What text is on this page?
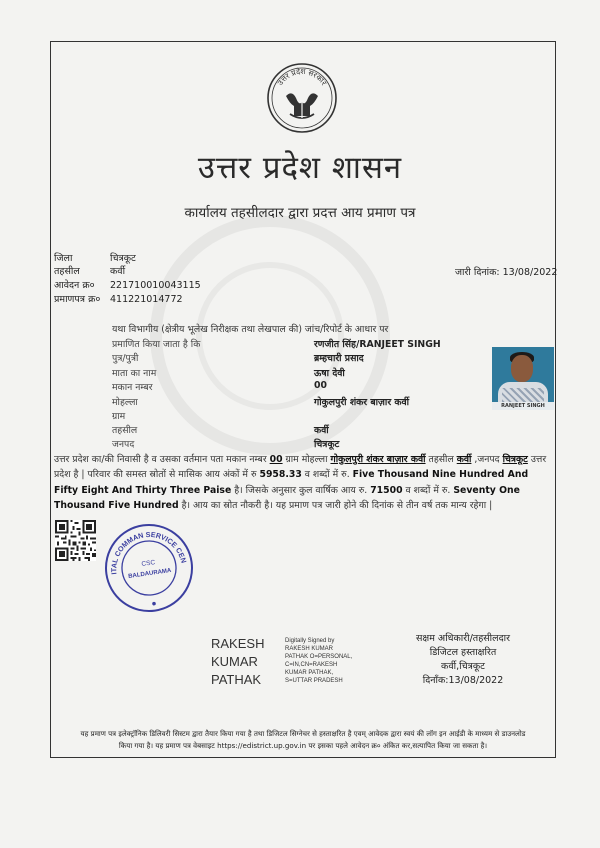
उत्तर प्रदेश सरकार
उत्तर प्रदेश शासन
कार्यालय तहसीलदार द्वारा प्रदत्त आय प्रमाण पत्र
जिला	चित्रकूट
तहसील	कर्वी
आवेदन क्र० 221710010043115
प्रमाणपत्र क्र० 411221014772
जारी दिनांक: 13/08/2022
यथा विभागीय (क्षेत्रीय भूलेख निरीक्षक तथा लेखपाल की) जांच/रिपोर्ट के आधार पर
प्रमाणित किया जाता है कि	रणजीत सिंह/RANJEET SINGH
पुत्र/पुत्री	ब्रम्हचारी प्रसाद
माता का नाम	ऊषा देवी
मकान नम्बर	00
मोहल्ला	गोकुलपुरी शंकर बाज़ार कर्वी
ग्राम
तहसील	कर्वी
जनपद	चित्रकूट
RANJEET SINGH
उत्तर प्रदेश का/की निवासी है व उसका वर्तमान पता मकान नम्बर 00 ग्राम मोहल्ला गोकुलपुरी शंकर बाज़ार कर्वी तहसील कर्वी ,जनपद चित्रकूट उत्तर प्रदेश है | परिवार की समस्त स्रोतों से मासिक आय अंकों में रु 5958.33 व शब्दों में रु. Five Thousand Nine Hundred And Fifty Eight And Thirty Three Paise है। जिसके अनुसार कुल वार्षिक आय रु. 71500 व शब्दों में रु. Seventy One Thousand Five Hundred है। आय का स्रोत नौकरी है। यह प्रमाण पत्र जारी होने की दिनांक से तीन वर्ष तक मान्य रहेगा |
DIGITAL COMMAN SERVICE CENTER
CSC
BALDAURAMA
RAKESH
KUMAR
PATHAK
Digitally Signed by
RAKESH KUMAR
PATHAK O=PERSONAL,
C=IN,CN=RAKESH
KUMAR PATHAK,
S=UTTAR PRADESH
सक्षम अधिकारी/तहसीलदार
डिजिटल हस्ताक्षरित
कर्वी,चित्रकूट
दिनाँक:13/08/2022
यह प्रमाण पत्र इलेक्ट्रॉनिक डिलिवरी सिस्टम द्वारा तैयार किया गया है तथा डिजिटल सिग्नेचर से हस्ताक्षरित है एवम् आवेदक द्वारा स्वयं की लॉग इन आईडी के माध्यम से डाउनलोड
किया गया है। यह प्रमाण पत्र वेबसाइट https://edistrict.up.gov.in पर इसका पहले आवेदन क्र० अंकित कर,सत्यापित किया जा सकता है।
